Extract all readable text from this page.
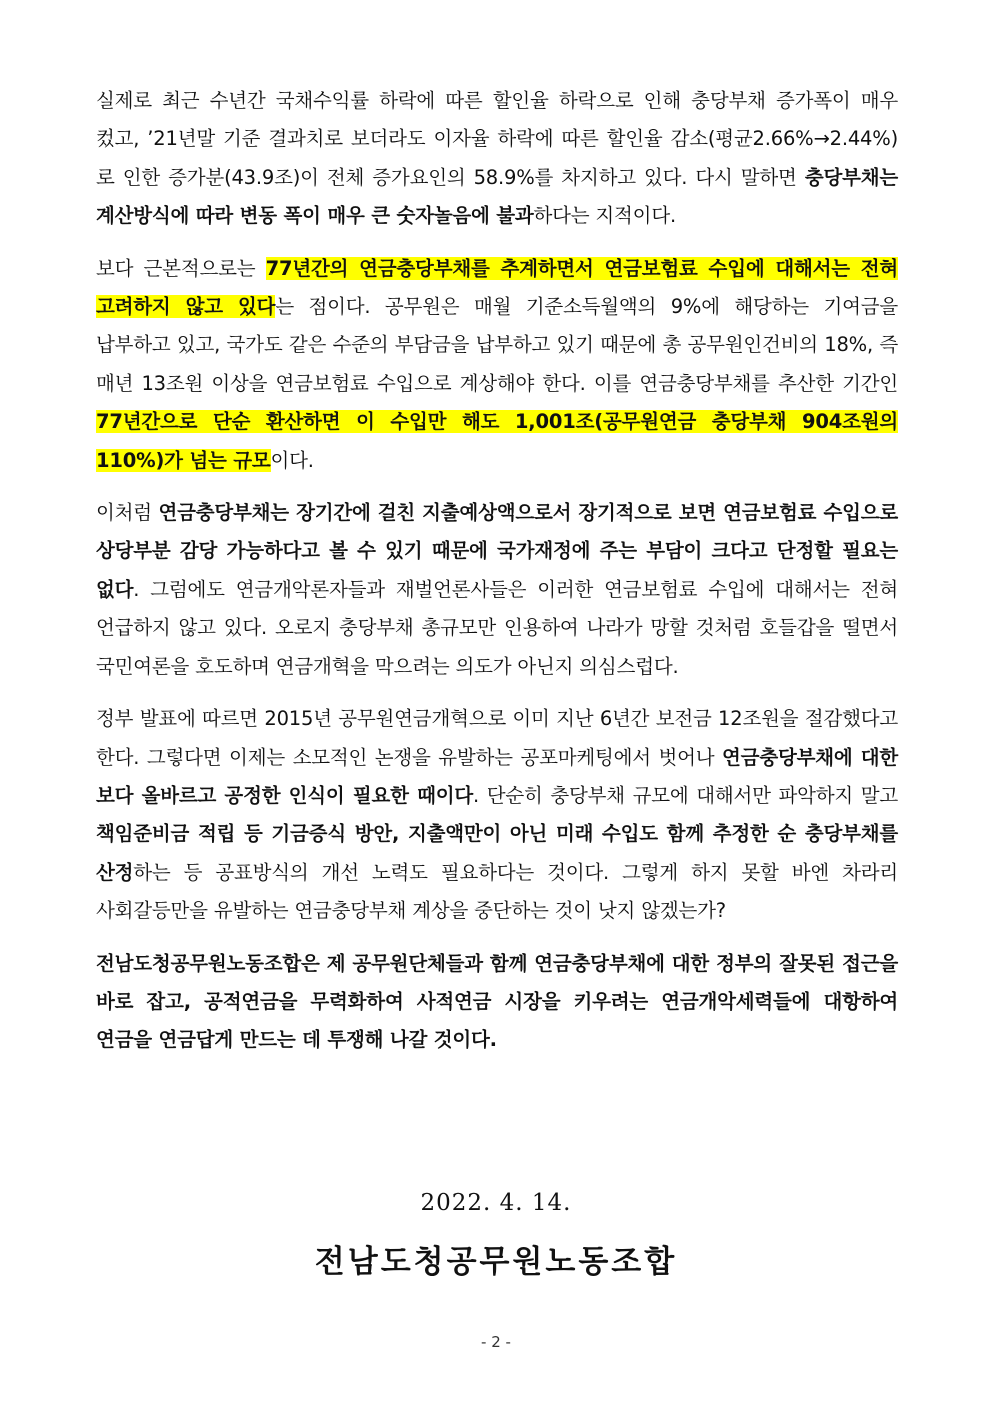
실제로 최근 수년간 국채수익률 하락에 따른 할인율 하락으로 인해 충당부채 증가폭이 매우 컸고, ’21년말 기준 결과치로 보더라도 이자율 하락에 따른 할인율 감소(평균2.66%→2.44%)로 인한 증가분(43.9조)이 전체 증가요인의 58.9%를 차지하고 있다. 다시 말하면 충당부채는 계산방식에 따라 변동 폭이 매우 큰 숫자놀음에 불과하다는 지적이다.

보다 근본적으로는 77년간의 연금충당부채를 추계하면서 연금보험료 수입에 대해서는 전혀 고려하지 않고 있다는 점이다. 공무원은 매월 기준소득월액의 9%에 해당하는 기여금을 납부하고 있고, 국가도 같은 수준의 부담금을 납부하고 있기 때문에 총 공무원인건비의 18%, 즉 매년 13조원 이상을 연금보험료 수입으로 계상해야 한다. 이를 연금충당부채를 추산한 기간인 77년간으로 단순 환산하면 이 수입만 해도 1,001조(공무원연금 충당부채 904조원의 110%)가 넘는 규모이다.

이처럼 연금충당부채는 장기간에 걸친 지출예상액으로서 장기적으로 보면 연금보험료 수입으로 상당부분 감당 가능하다고 볼 수 있기 때문에 국가재정에 주는 부담이 크다고 단정할 필요는 없다. 그럼에도 연금개악론자들과 재벌언론사들은 이러한 연금보험료 수입에 대해서는 전혀 언급하지 않고 있다. 오로지 충당부채 총규모만 인용하여 나라가 망할 것처럼 호들갑을 떨면서 국민여론을 호도하며 연금개혁을 막으려는 의도가 아닌지 의심스럽다.

정부 발표에 따르면 2015년 공무원연금개혁으로 이미 지난 6년간 보전금 12조원을 절감했다고 한다. 그렇다면 이제는 소모적인 논쟁을 유발하는 공포마케팅에서 벗어나 연금충당부채에 대한 보다 올바르고 공정한 인식이 필요한 때이다. 단순히 충당부채 규모에 대해서만 파악하지 말고 책임준비금 적립 등 기금증식 방안, 지출액만이 아닌 미래 수입도 함께 추정한 순 충당부채를 산정하는 등 공표방식의 개선 노력도 필요하다는 것이다. 그렇게 하지 못할 바엔 차라리 사회갈등만을 유발하는 연금충당부채 계상을 중단하는 것이 낫지 않겠는가?

전남도청공무원노동조합은 제 공무원단체들과 함께 연금충당부채에 대한 정부의 잘못된 접근을 바로 잡고, 공적연금을 무력화하여 사적연금 시장을 키우려는 연금개악세력들에 대항하여 연금을 연금답게 만드는 데 투쟁해 나갈 것이다.

2022. 4. 14.
전남도청공무원노동조합
- 2 -
